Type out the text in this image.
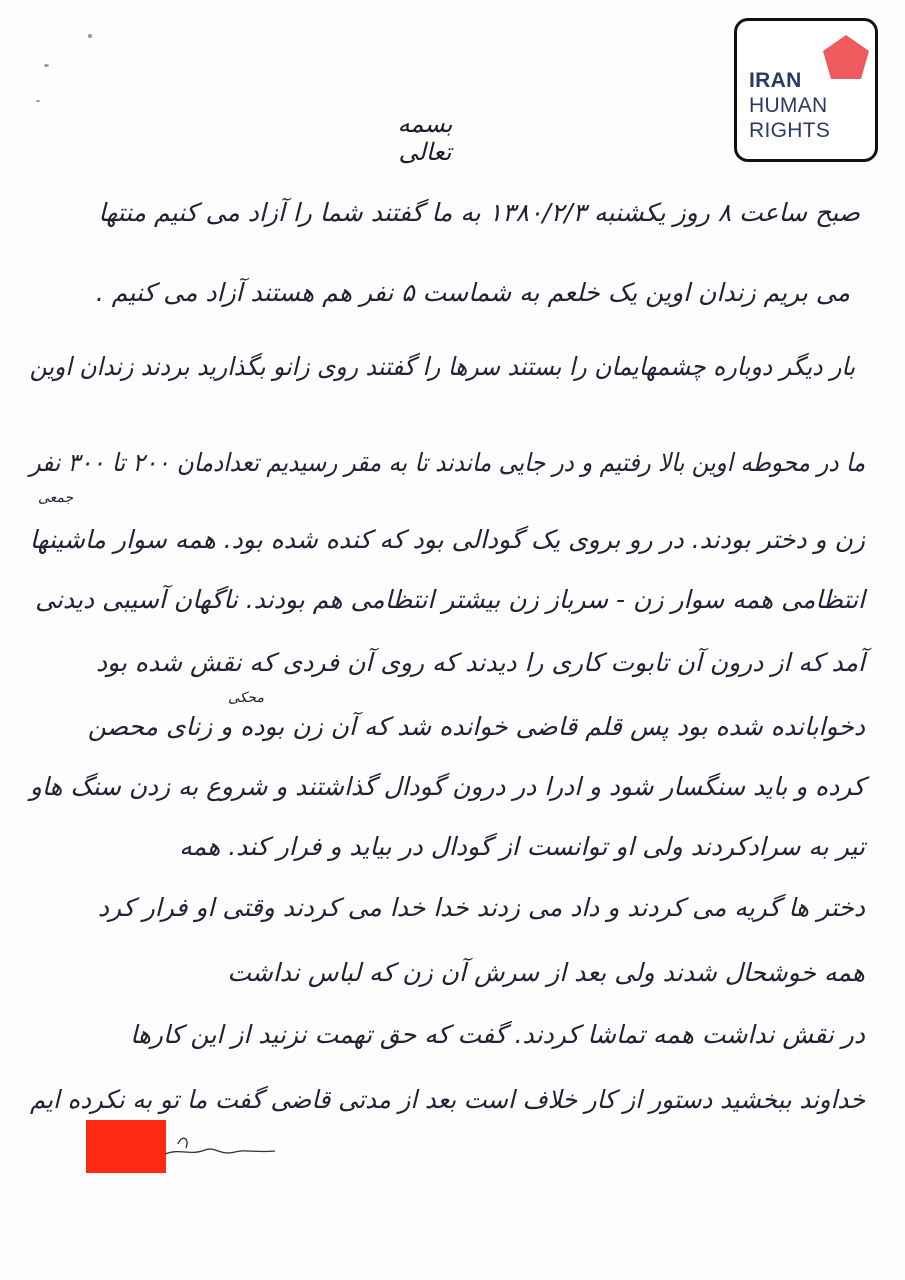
IRAN
HUMAN
RIGHTS
بسمه تعالی
صبح ساعت ۸ روز یکشنبه ۱۳۸۰/۲/۳ به ما گفتند شما را آزاد می کنیم منتها
می بریم زندان اوین یک خلعم به شماست ۵ نفر هم هستند آزاد می کنیم .
بار دیگر دوباره چشمهایمان را بستند سرها را گفتند روی زانو بگذارید بردند زندان اوین
ما در محوطه اوین بالا رفتیم و در جایی ماندند تا به مقر رسیدیم تعدادمان ۲۰۰ تا ۳۰۰ نفر
جمعی
زن و دختر بودند. در رو بروی یک گودالی بود که کنده شده بود. همه سوار ماشینها
انتظامی همه سوار زن - سرباز زن بیشتر انتظامی هم بودند. ناگهان آسیبی دیدنی
آمد که از درون آن تابوت کاری را دیدند که روی آن فردی که نقش شده بود
محکی
دخوابانده شده بود پس قلم قاضی خوانده شد که آن زن بوده و زنای محصن
کرده و باید سنگسار شود و ادرا در درون گودال گذاشتند و شروع به زدن سنگ هاو
تیر به سرادکردند ولی او توانست از گودال در بیاید و فرار کند. همه
دختر ها گریه می کردند و داد می زدند خدا خدا می کردند وقتی او فرار کرد
همه خوشحال شدند ولی بعد از سرش آن زن که لباس نداشت
در نقش نداشت همه تماشا کردند. گفت که حق تهمت نزنید از این کارها
خداوند ببخشید دستور از کار خلاف است بعد از مدتی قاضی گفت ما تو به نکرده ایم
